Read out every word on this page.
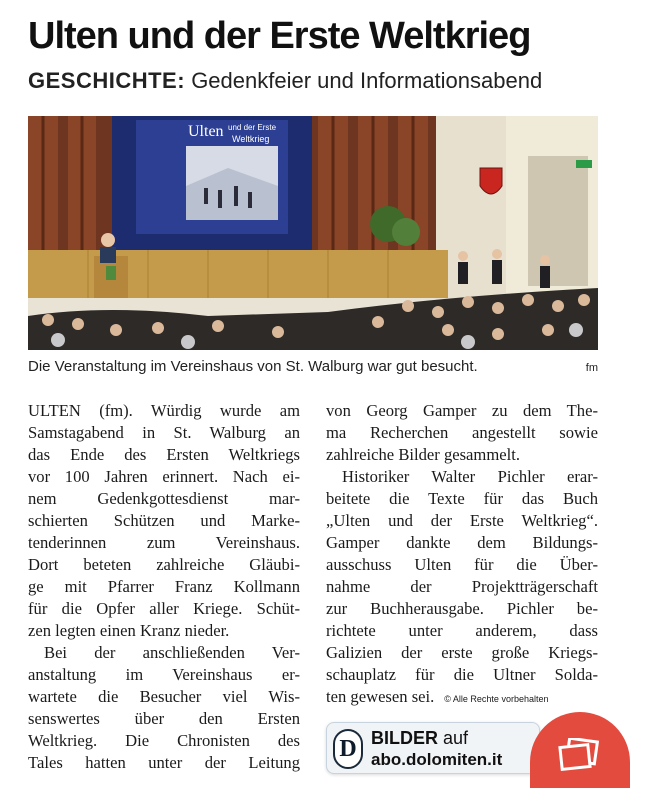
Ulten und der Erste Weltkrieg
GESCHICHTE: Gedenkfeier und Informationsabend
Ulten und der Erste
Weltkrieg
Die Veranstaltung im Vereinshaus von St. Walburg war gut besucht.	fm
ULTEN (fm). Würdig wurde am
Samstagabend in St. Walburg an
das Ende des Ersten Weltkriegs
vor 100 Jahren erinnert. Nach ei-
nem Gedenkgottesdienst mar-
schierten Schützen und Marke-
tenderinnen zum Vereinshaus.
Dort beteten zahlreiche Gläubi-
ge mit Pfarrer Franz Kollmann
für die Opfer aller Kriege. Schüt-
zen legten einen Kranz nieder.
Bei der anschließenden Ver-
anstaltung im Vereinshaus er-
wartete die Besucher viel Wis-
senswertes über den Ersten
Weltkrieg. Die Chronisten des
Tales hatten unter der Leitung
von Georg Gamper zu dem The-
ma Recherchen angestellt sowie
zahlreiche Bilder gesammelt.
Historiker Walter Pichler erar-
beitete die Texte für das Buch
„Ulten und der Erste Weltkrieg“.
Gamper dankte dem Bildungs-
ausschuss Ulten für die Über-
nahme der Projektträgerschaft
zur Buchherausgabe. Pichler be-
richtete unter anderem, dass
Galizien der erste große Kriegs-
schauplatz für die Ultner Solda-
ten gewesen sei. © Alle Rechte vorbehalten
D BILDER auf
abo.dolomiten.it
